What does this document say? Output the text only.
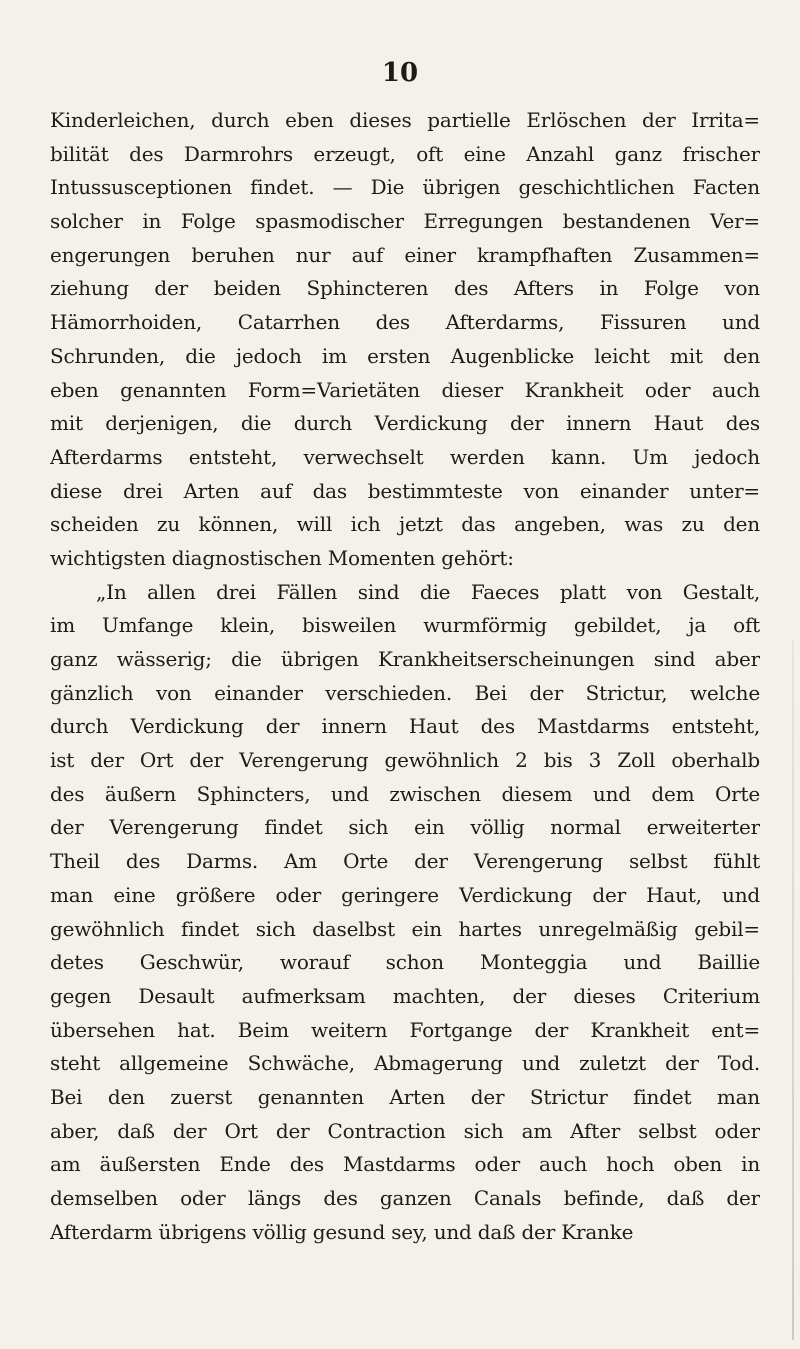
10
Kinderleichen, durch eben dieses partielle Erlöschen der Irrita=
bilität des Darmrohrs erzeugt, oft eine Anzahl ganz frischer
Intussusceptionen findet. — Die übrigen geschichtlichen Facten
solcher in Folge spasmodischer Erregungen bestandenen Ver=
engerungen beruhen nur auf einer krampfhaften Zusammen=
ziehung der beiden Sphincteren des Afters in Folge von
Hämorrhoiden, Catarrhen des Afterdarms, Fissuren und
Schrunden, die jedoch im ersten Augenblicke leicht mit den
eben genannten Form=Varietäten dieser Krankheit oder auch
mit derjenigen, die durch Verdickung der innern Haut des
Afterdarms entsteht, verwechselt werden kann. Um jedoch
diese drei Arten auf das bestimmteste von einander unter=
scheiden zu können, will ich jetzt das angeben, was zu den
wichtigsten diagnostischen Momenten gehört:
„In allen drei Fällen sind die Faeces platt von Gestalt,
im Umfange klein, bisweilen wurmförmig gebildet, ja oft
ganz wässerig; die übrigen Krankheitserscheinungen sind aber
gänzlich von einander verschieden. Bei der Strictur, welche
durch Verdickung der innern Haut des Mastdarms entsteht,
ist der Ort der Verengerung gewöhnlich 2 bis 3 Zoll oberhalb
des äußern Sphincters, und zwischen diesem und dem Orte
der Verengerung findet sich ein völlig normal erweiterter
Theil des Darms. Am Orte der Verengerung selbst fühlt
man eine größere oder geringere Verdickung der Haut, und
gewöhnlich findet sich daselbst ein hartes unregelmäßig gebil=
detes Geschwür, worauf schon Monteggia und Baillie
gegen Desault aufmerksam machten, der dieses Criterium
übersehen hat. Beim weitern Fortgange der Krankheit ent=
steht allgemeine Schwäche, Abmagerung und zuletzt der Tod.
Bei den zuerst genannten Arten der Strictur findet man
aber, daß der Ort der Contraction sich am After selbst oder
am äußersten Ende des Mastdarms oder auch hoch oben in
demselben oder längs des ganzen Canals befinde, daß der
Afterdarm übrigens völlig gesund sey, und daß der Kranke
